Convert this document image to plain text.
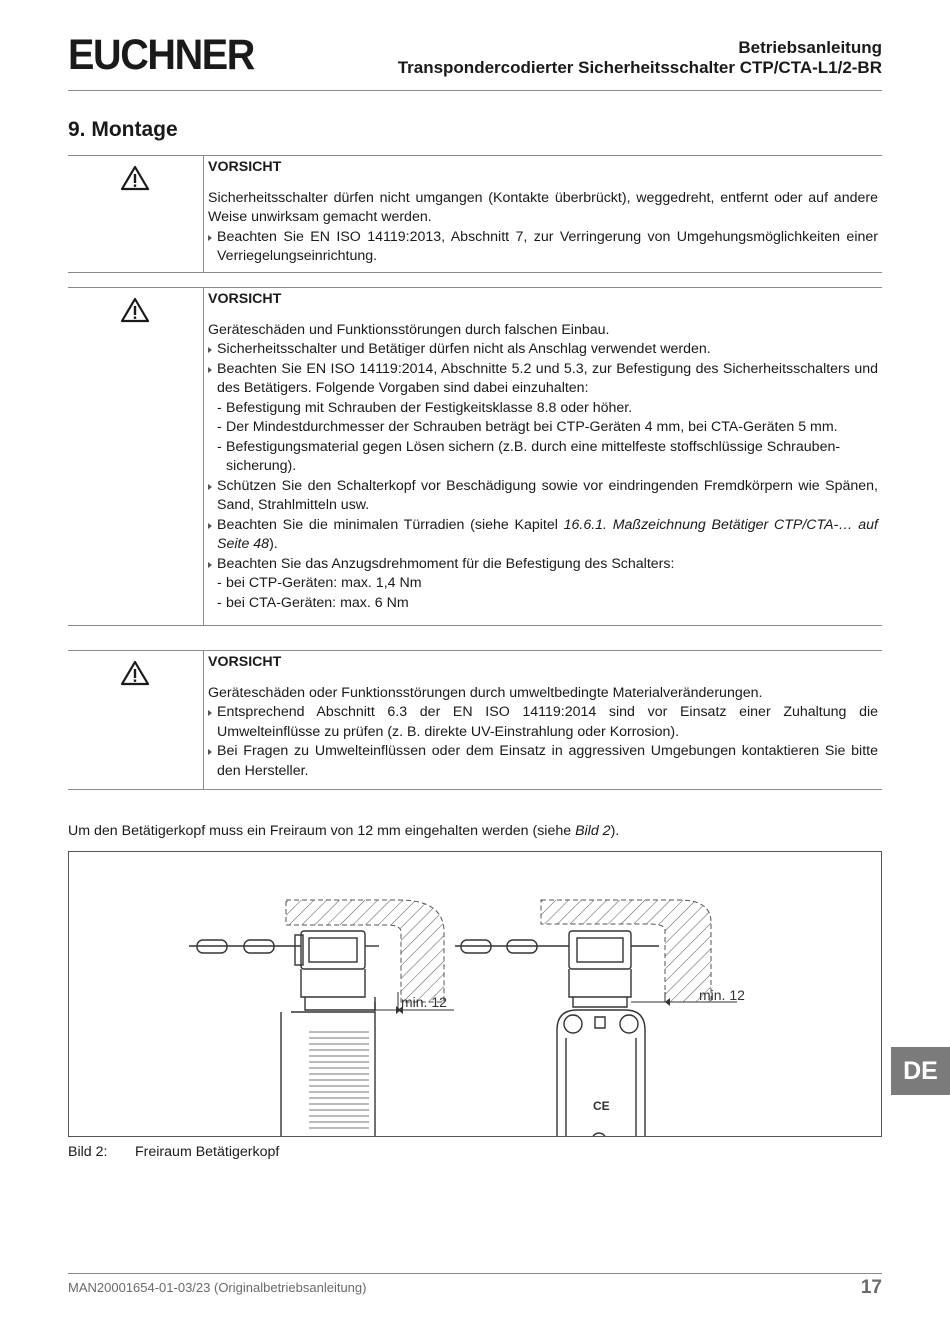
EUCHNER	Betriebsanleitung
Transpondercodierter Sicherheitsschalter CTP/CTA-L1/2-BR
9. Montage
VORSICHT

Sicherheitsschalter dürfen nicht umgangen (Kontakte überbrückt), weggedreht, entfernt oder auf andere Weise unwirksam gemacht werden.

Beachten Sie EN ISO 14119:2013, Abschnitt 7, zur Verringerung von Umgehungsmöglichkeiten einer Verriegelungseinrichtung.

VORSICHT

Geräteschäden und Funktionsstörungen durch falschen Einbau.

Sicherheitsschalter und Betätiger dürfen nicht als Anschlag verwendet werden.

Beachten Sie EN ISO 14119:2014, Abschnitte 5.2 und 5.3, zur Befestigung des Sicherheitsschalters und des Betätigers. Folgende Vorgaben sind dabei einzuhalten:

- Befestigung mit Schrauben der Festigkeitsklasse 8.8 oder höher.

- Der Mindestdurchmesser der Schrauben beträgt bei CTP-Geräten 4 mm, bei CTA-Geräten 5 mm.

- Befestigungsmaterial gegen Lösen sichern (z.B. durch eine mittelfeste stoffschlüssige Schrauben-sicherung).

Schützen Sie den Schalterkopf vor Beschädigung sowie vor eindringenden Fremdkörpern wie Spänen, Sand, Strahlmitteln usw.

Beachten Sie die minimalen Türradien (siehe Kapitel 16.6.1. Maßzeichnung Betätiger CTP/CTA-… auf Seite 48).

Beachten Sie das Anzugsdrehmoment für die Befestigung des Schalters:

- bei CTP-Geräten: max. 1,4 Nm

- bei CTA-Geräten: max. 6 Nm

VORSICHT

Geräteschäden oder Funktionsstörungen durch umweltbedingte Materialveränderungen.

Entsprechend Abschnitt 6.3 der EN ISO 14119:2014 sind vor Einsatz einer Zuhaltung die Umwelteinflüsse zu prüfen (z. B. direkte UV-Einstrahlung oder Korrosion).

Bei Fragen zu Umwelteinflüssen oder dem Einsatz in aggressiven Umgebungen kontaktieren Sie bitte den Hersteller.

Um den Betätigerkopf muss ein Freiraum von 12 mm eingehalten werden (siehe Bild 2).
min. 12
CE
min. 12
Bild 2: Freiraum Betätigerkopf
DE
MAN20001654-01-03/23 (Originalbetriebsanleitung)	17
